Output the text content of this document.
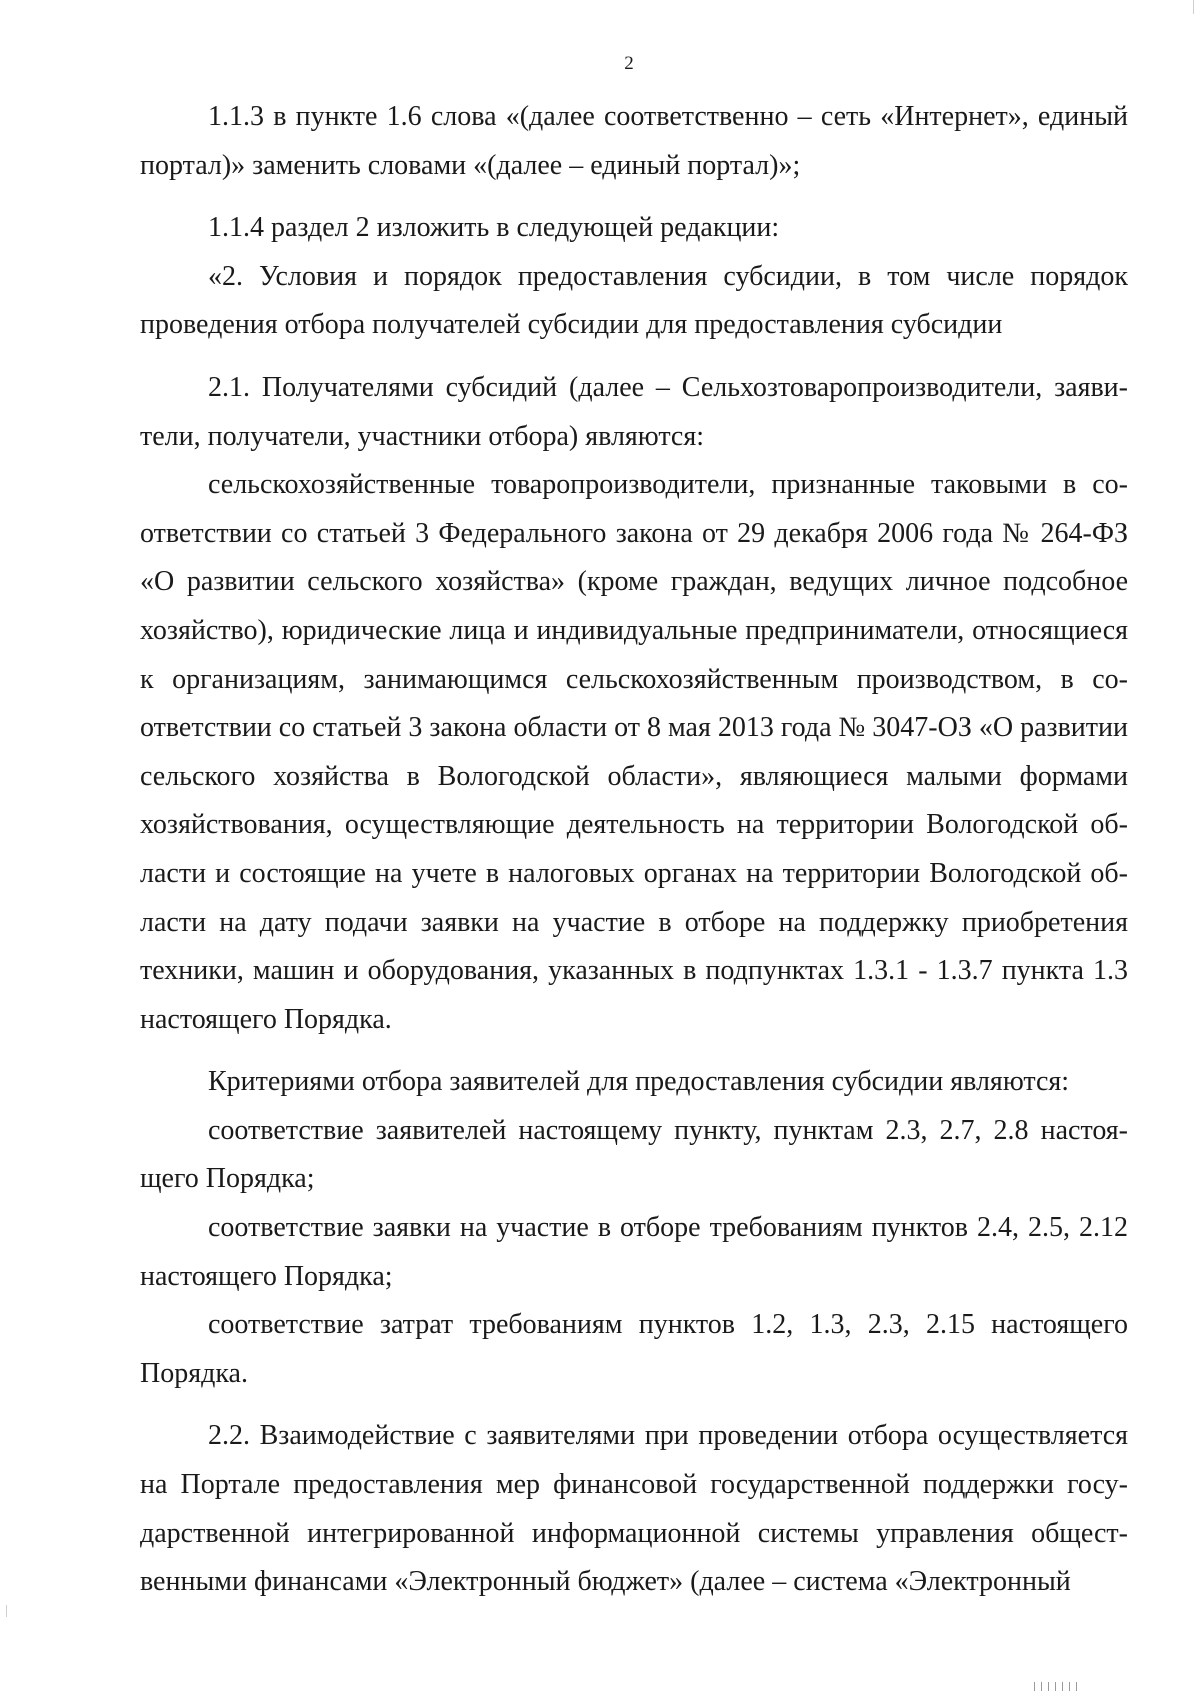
2

1.1.3 в пункте 1.6 слова «(далее соответственно – сеть «Интернет», единый портал)» заменить словами «(далее – единый портал)»;

1.1.4 раздел 2 изложить в следующей редакции:

«2. Условия и порядок предоставления субсидии, в том числе порядок проведения отбора получателей субсидии для предоставления субсидии

2.1. Получателями субсидий (далее – Сельхозтоваропроизводители, заявители, получатели, участники отбора) являются:

сельскохозяйственные товаропроизводители, признанные таковыми в соответствии со статьей 3 Федерального закона от 29 декабря 2006 года № 264-ФЗ «О развитии сельского хозяйства» (кроме граждан, ведущих личное подсобное хозяйство), юридические лица и индивидуальные предприниматели, относящиеся к организациям, занимающимся сельскохозяйственным производством, в соответствии со статьей 3 закона области от 8 мая 2013 года № 3047-ОЗ «О развитии сельского хозяйства в Вологодской области», являющиеся малыми формами хозяйствования, осуществляющие деятельность на территории Вологодской области и состоящие на учете в налоговых органах на территории Вологодской области на дату подачи заявки на участие в отборе на поддержку приобретения техники, машин и оборудования, указанных в подпунктах 1.3.1 - 1.3.7 пункта 1.3 настоящего Порядка.

Критериями отбора заявителей для предоставления субсидии являются:

соответствие заявителей настоящему пункту, пунктам 2.3, 2.7, 2.8 настоящего Порядка;

соответствие заявки на участие в отборе требованиям пунктов 2.4, 2.5, 2.12 настоящего Порядка;

соответствие затрат требованиям пунктов 1.2, 1.3, 2.3, 2.15 настоящего Порядка.

2.2. Взаимодействие с заявителями при проведении отбора осуществляется на Портале предоставления мер финансовой государственной поддержки государственной интегрированной информационной системы управления общественными финансами «Электронный бюджет» (далее – система «Электронный
